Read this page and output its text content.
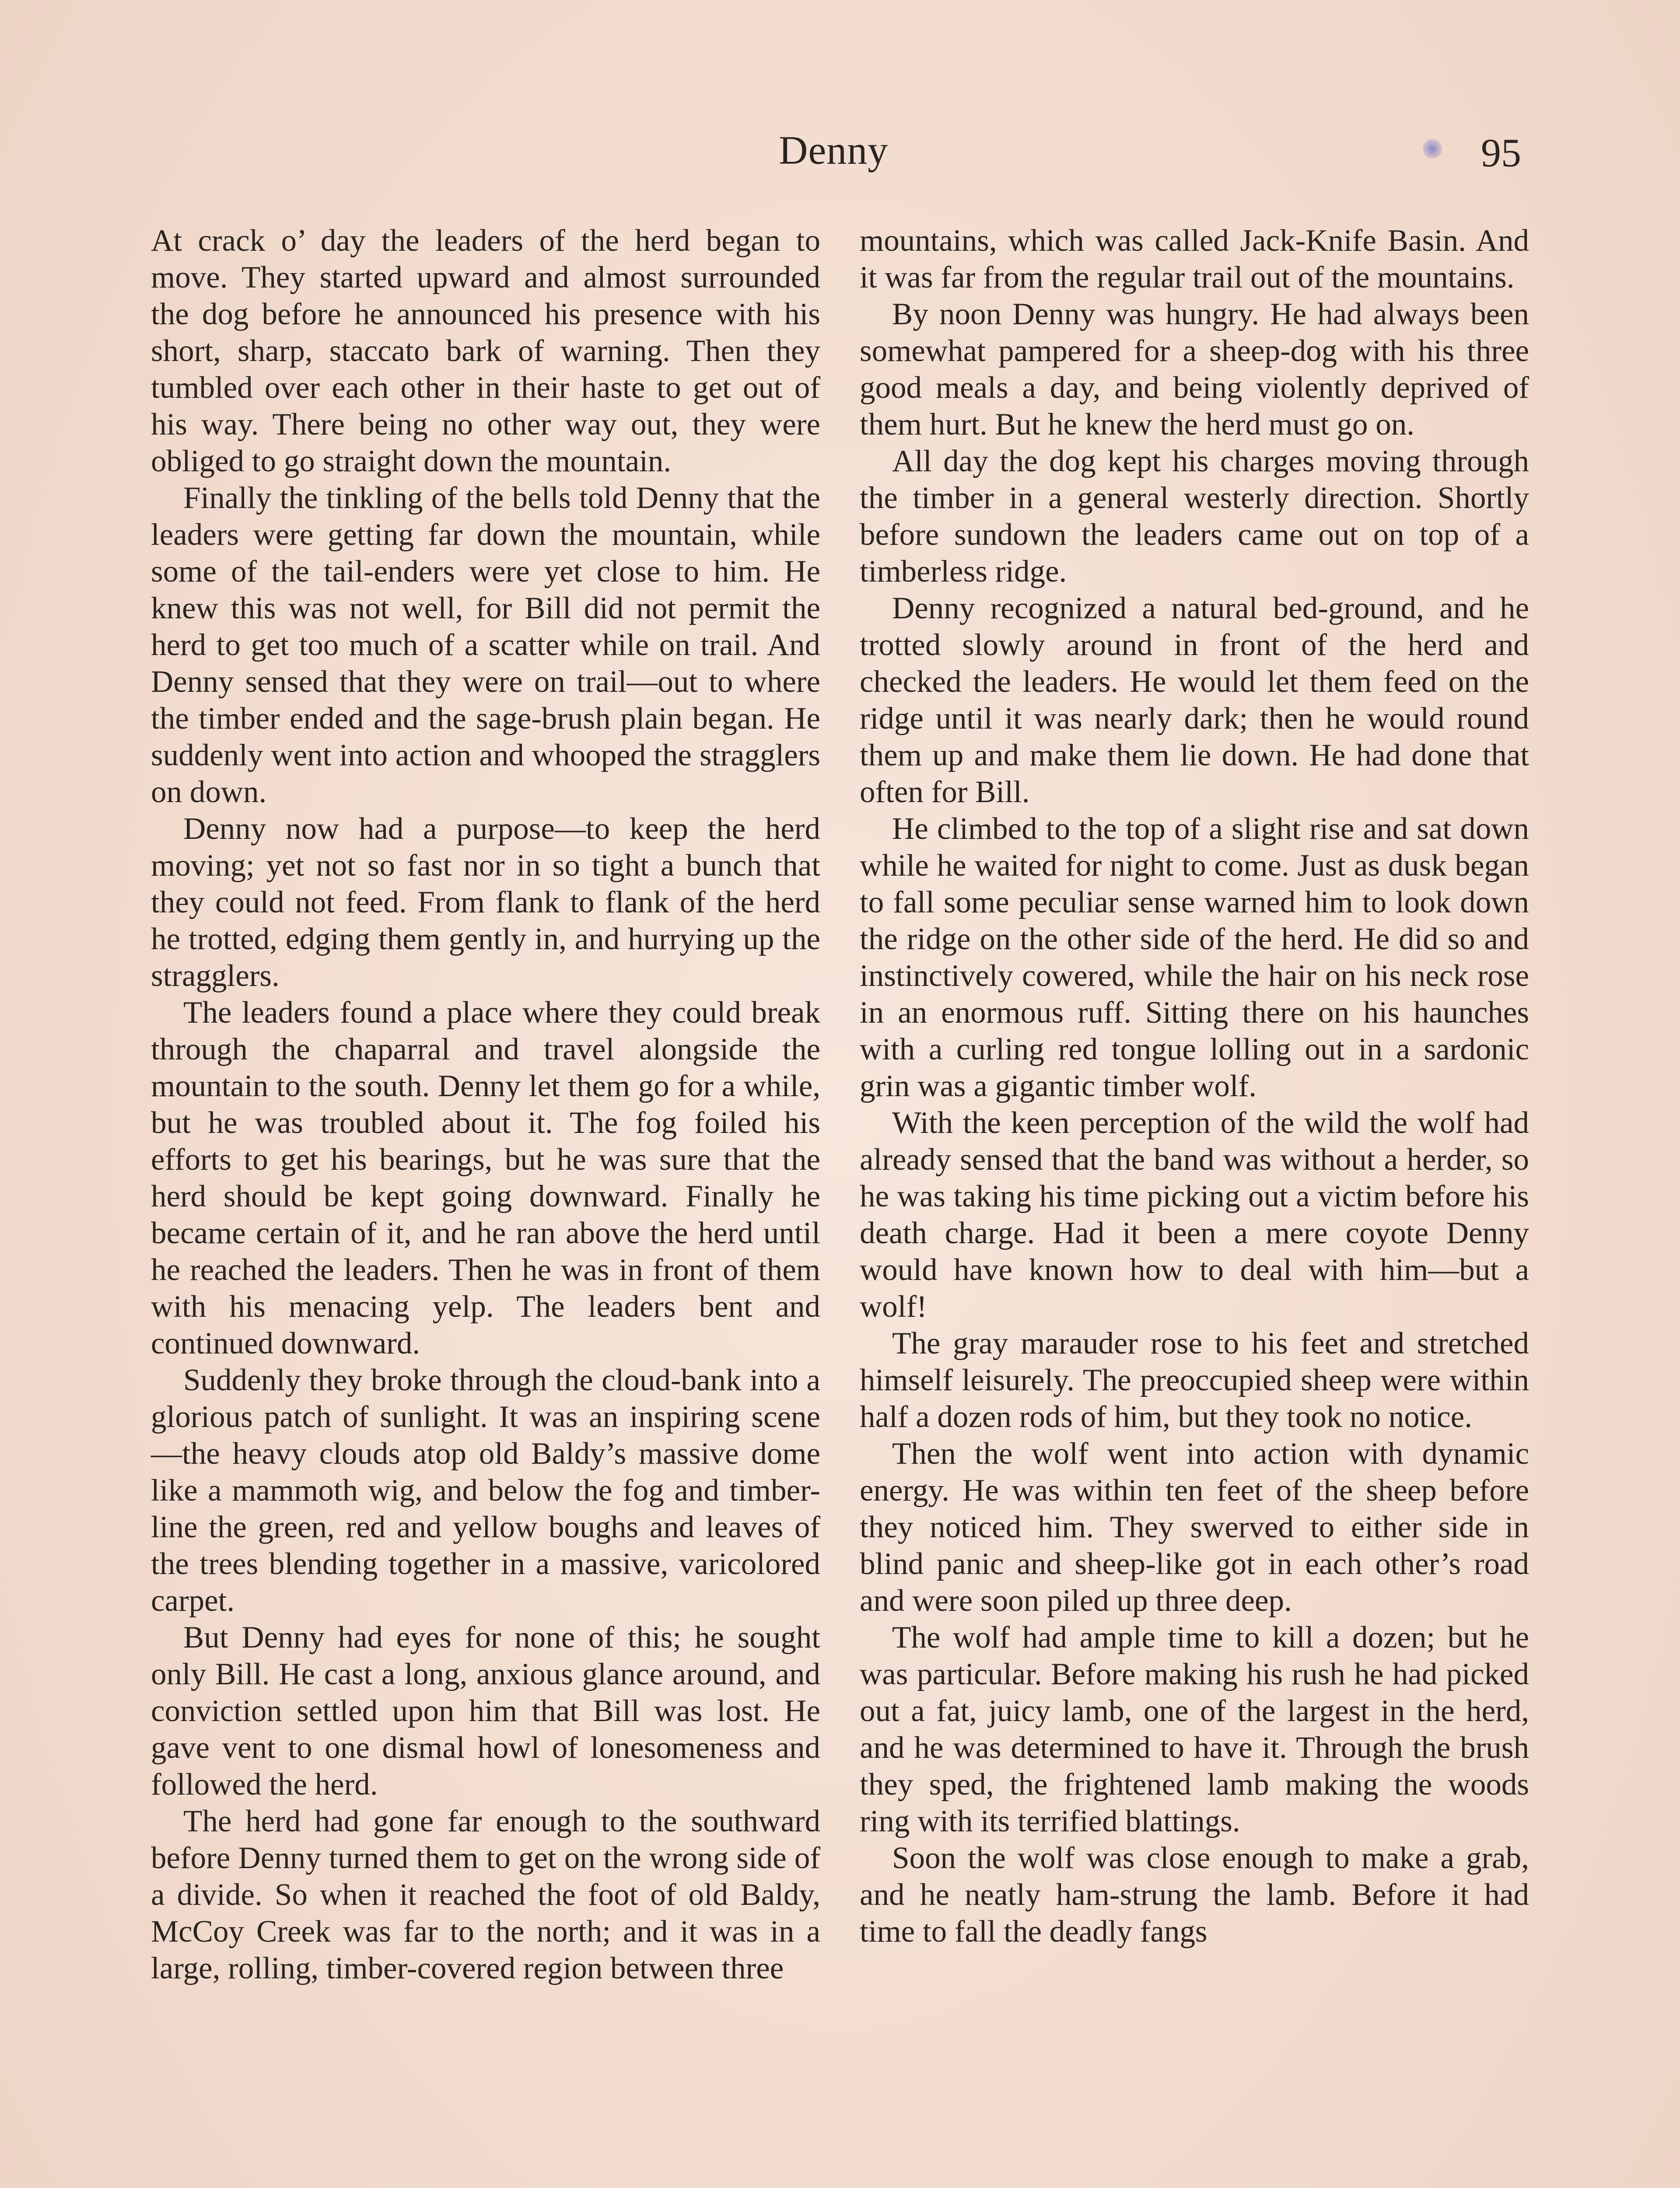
Denny	95

At crack o’ day the leaders of the herd began to move. They started upward and almost surrounded the dog before he announced his presence with his short, sharp, staccato bark of warning. Then they tumbled over each other in their haste to get out of his way. There being no other way out, they were obliged to go straight down the mountain.

Finally the tinkling of the bells told Denny that the leaders were getting far down the mountain, while some of the tail-enders were yet close to him. He knew this was not well, for Bill did not permit the herd to get too much of a scatter while on trail. And Denny sensed that they were on trail—out to where the timber ended and the sage-brush plain began. He suddenly went into action and whooped the stragglers on down.

Denny now had a purpose—to keep the herd moving; yet not so fast nor in so tight a bunch that they could not feed. From flank to flank of the herd he trotted, edging them gently in, and hurrying up the stragglers.

The leaders found a place where they could break through the chaparral and travel alongside the mountain to the south. Denny let them go for a while, but he was troubled about it. The fog foiled his efforts to get his bearings, but he was sure that the herd should be kept going downward. Finally he became certain of it, and he ran above the herd until he reached the leaders. Then he was in front of them with his menacing yelp. The leaders bent and continued downward.

Suddenly they broke through the cloud-bank into a glorious patch of sunlight. It was an inspiring scene—the heavy clouds atop old Baldy’s massive dome like a mammoth wig, and below the fog and timber-line the green, red and yellow boughs and leaves of the trees blending together in a massive, varicolored carpet.

But Denny had eyes for none of this; he sought only Bill. He cast a long, anxious glance around, and conviction settled upon him that Bill was lost. He gave vent to one dismal howl of lonesomeness and followed the herd.

The herd had gone far enough to the southward before Denny turned them to get on the wrong side of a divide. So when it reached the foot of old Baldy, McCoy Creek was far to the north; and it was in a large, rolling, timber-covered region between three

mountains, which was called Jack-Knife Basin. And it was far from the regular trail out of the mountains.

By noon Denny was hungry. He had always been somewhat pampered for a sheep-dog with his three good meals a day, and being violently deprived of them hurt. But he knew the herd must go on.

All day the dog kept his charges moving through the timber in a general westerly direction. Shortly before sundown the leaders came out on top of a timberless ridge.

Denny recognized a natural bed-ground, and he trotted slowly around in front of the herd and checked the leaders. He would let them feed on the ridge until it was nearly dark; then he would round them up and make them lie down. He had done that often for Bill.

He climbed to the top of a slight rise and sat down while he waited for night to come. Just as dusk began to fall some peculiar sense warned him to look down the ridge on the other side of the herd. He did so and instinctively cowered, while the hair on his neck rose in an enormous ruff. Sitting there on his haunches with a curling red tongue lolling out in a sardonic grin was a gigantic timber wolf.

With the keen perception of the wild the wolf had already sensed that the band was without a herder, so he was taking his time picking out a victim before his death charge. Had it been a mere coyote Denny would have known how to deal with him—but a wolf!

The gray marauder rose to his feet and stretched himself leisurely. The preoccupied sheep were within half a dozen rods of him, but they took no notice.

Then the wolf went into action with dynamic energy. He was within ten feet of the sheep before they noticed him. They swerved to either side in blind panic and sheep-like got in each other’s road and were soon piled up three deep.

The wolf had ample time to kill a dozen; but he was particular. Before making his rush he had picked out a fat, juicy lamb, one of the largest in the herd, and he was determined to have it. Through the brush they sped, the frightened lamb making the woods ring with its terrified blattings.

Soon the wolf was close enough to make a grab, and he neatly ham-strung the lamb. Before it had time to fall the deadly fangs
